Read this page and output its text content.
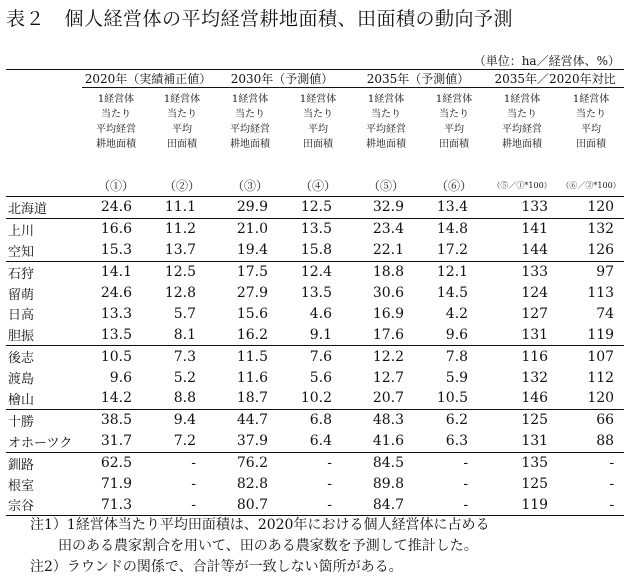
表２　個人経営体の平均経営耕地面積、田面積の動向予測
（単位：ha／経営体、%）
	2020年（実績補正値）		2030年（予測値）		2035年（予測値）		2035年／2020年対比	
	1経営体
当たり
平均経営
耕地面積	1経営体
当たり
平均
田面積	1経営体
当たり
平均経営
耕地面積	1経営体
当たり
平均
田面積	1経営体
当たり
平均経営
耕地面積	1経営体
当たり
平均
田面積	1経営体
当たり
平均経営
耕地面積	1経営体
当たり
平均
田面積
	（①）	（②）	（③）	（④）	（⑤）	（⑥）	（⑤／①*100）	（⑥／②*100）
北海道	24.6	11.1	29.9	12.5	32.9	13.4	133	120
上川	16.6	11.2	21.0	13.5	23.4	14.8	141	132
空知	15.3	13.7	19.4	15.8	22.1	17.2	144	126
石狩	14.1	12.5	17.5	12.4	18.8	12.1	133	97
留萌	24.6	12.8	27.9	13.5	30.6	14.5	124	113
日高	13.3	5.7	15.6	4.6	16.9	4.2	127	74
胆振	13.5	8.1	16.2	9.1	17.6	9.6	131	119
後志	10.5	7.3	11.5	7.6	12.2	7.8	116	107
渡島	9.6	5.2	11.6	5.6	12.7	5.9	132	112
檜山	14.2	8.8	18.7	10.2	20.7	10.5	146	120
十勝	38.5	9.4	44.7	6.8	48.3	6.2	125	66
オホーツク	31.7	7.2	37.9	6.4	41.6	6.3	131	88
釧路	62.5	-	76.2	-	84.5	-	135	-
根室	71.9	-	82.8	-	89.8	-	125	-
宗谷	71.3	-	80.7	-	84.7	-	119	-
注1）1経営体当たり平均田面積は、2020年における個人経営体に占める
　　田のある農家割合を用いて、田のある農家数を予測して推計した。
注2）ラウンドの関係で、合計等が一致しない箇所がある。
